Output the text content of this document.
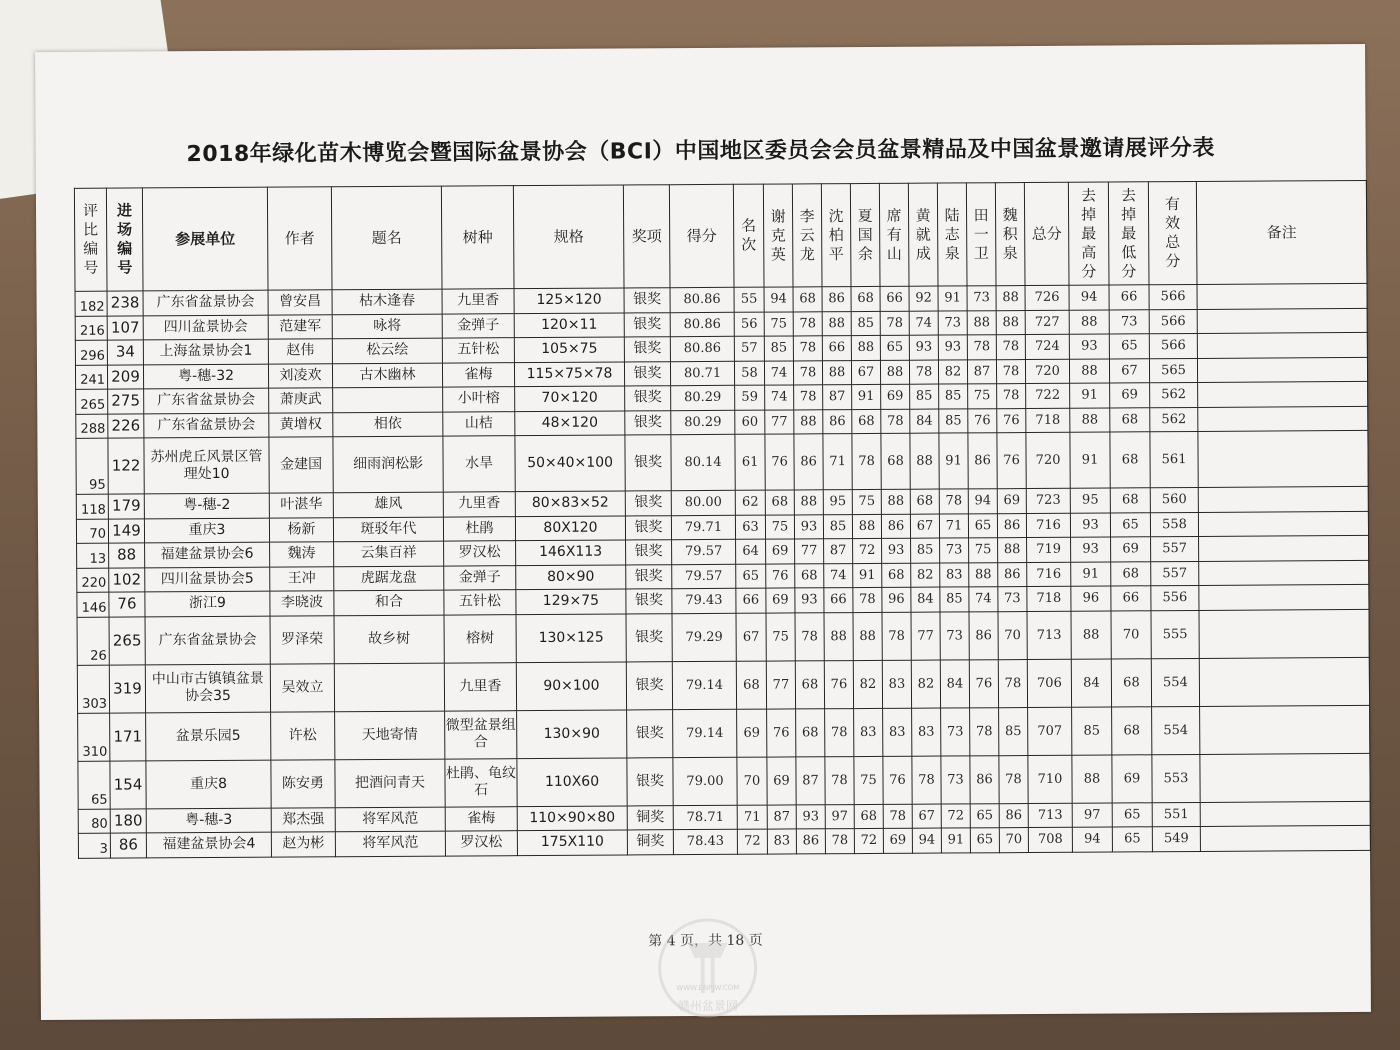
2018年绿化苗木博览会暨国际盆景协会（BCI）中国地区委员会会员盆景精品及中国盆景邀请展评分表
评比编号	进场编号	参展单位	作者	题名	树种	规格	奖项	得分	名次	谢克英	李云龙	沈柏平	夏国余	席有山	黄就成	陆志泉	田一卫	魏积泉	总分	去掉最高分	去掉最低分	有效总分	备注
182	238	广东省盆景协会	曾安昌	枯木逢春	九里香	125×120	银奖	80.86	55	94	68	86	68	66	92	91	73	88	726	94	66	566	
216	107	四川盆景协会	范建军	咏将	金弹子	120×11	银奖	80.86	56	75	78	88	85	78	74	73	88	88	727	88	73	566	
296	34	上海盆景协会1	赵伟	松云绘	五针松	105×75	银奖	80.86	57	85	78	66	88	65	93	93	78	78	724	93	65	566	
241	209	粤-穗-32	刘凌欢	古木幽林	雀梅	115×75×78	银奖	80.71	58	74	78	88	67	88	78	82	87	78	720	88	67	565	
265	275	广东省盆景协会	萧庚武		小叶榕	70×120	银奖	80.29	59	74	78	87	91	69	85	85	75	78	722	91	69	562	
288	226	广东省盆景协会	黄增权	相依	山桔	48×120	银奖	80.29	60	77	88	86	68	78	84	85	76	76	718	88	68	562	
95	122	苏州虎丘风景区管理处10	金建国	细雨润松影	水旱	50×40×100	银奖	80.14	61	76	86	71	78	68	88	91	86	76	720	91	68	561	
118	179	粤-穗-2	叶湛华	雄风	九里香	80×83×52	银奖	80.00	62	68	88	95	75	88	68	78	94	69	723	95	68	560	
70	149	重庆3	杨新	斑驳年代	杜鹃	80X120	银奖	79.71	63	75	93	85	88	86	67	71	65	86	716	93	65	558	
13	88	福建盆景协会6	魏涛	云集百祥	罗汉松	146X113	银奖	79.57	64	69	77	87	72	93	85	73	75	88	719	93	69	557	
220	102	四川盆景协会5	王冲	虎踞龙盘	金弹子	80×90	银奖	79.57	65	76	68	74	91	68	82	83	88	86	716	91	68	557	
146	76	浙江9	李晓波	和合	五针松	129×75	银奖	79.43	66	69	93	66	78	96	84	85	74	73	718	96	66	556	
26	265	广东省盆景协会	罗泽荣	故乡树	榕树	130×125	银奖	79.29	67	75	78	88	88	78	77	73	86	70	713	88	70	555	
303	319	中山市古镇镇盆景协会35	吴效立		九里香	90×100	银奖	79.14	68	77	68	76	82	83	82	84	76	78	706	84	68	554	
310	171	盆景乐园5	许松	天地寄情	微型盆景组合	130×90	银奖	79.14	69	76	68	78	83	83	83	73	78	85	707	85	68	554	
65	154	重庆8	陈安勇	把酒问青天	杜鹃、龟纹石	110X60	银奖	79.00	70	69	87	78	75	76	78	73	86	78	710	88	69	553	
80	180	粤-穗-3	郑杰强	将军风范	雀梅	110×90×80	铜奖	78.71	71	87	93	97	68	78	67	72	65	86	713	97	65	551	
3	86	福建盆景协会4	赵为彬	将军风范	罗汉松	175X110	铜奖	78.43	72	83	86	78	72	69	94	91	65	70	708	94	65	549	
第 4 页，共 18 页
WWW.ENPJW.COM
赣州盆景网
